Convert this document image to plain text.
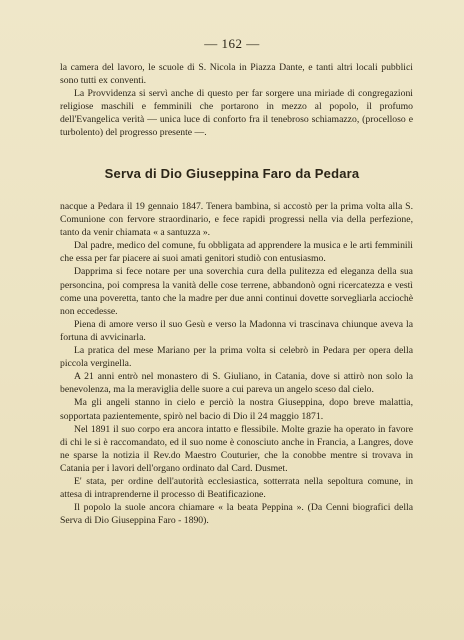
— 162 —

la camera del lavoro, le scuole di S. Nicola in Piazza Dante, e tanti altri locali pubblici sono tutti ex conventi.

La Provvidenza si servì anche di questo per far sorgere una miriade di congregazioni religiose maschili e femminili che portarono in mezzo al popolo, il profumo dell'Evangelica verità — unica luce di conforto fra il tenebroso schiamazzo, (procelloso e turbolento) del progresso presente —.

Serva di Dio Giuseppina Faro da Pedara

nacque a Pedara il 19 gennaio 1847. Tenera bambina, si accostò per la prima volta alla S. Comunione con fervore straordinario, e fece rapidi progressi nella via della perfezione, tanto da venir chiamata « a santuzza ».

Dal padre, medico del comune, fu obbligata ad apprendere la musica e le arti femminili che essa per far piacere ai suoi amati genitori studiò con entusiasmo.

Dapprima si fece notare per una soverchia cura della pulitezza ed eleganza della sua personcina, poi compresa la vanità delle cose terrene, abbandonò ogni ricercatezza e vestì come una poveretta, tanto che la madre per due anni continui dovette sorvegliarla acciochè non eccedesse.

Piena di amore verso il suo Gesù e verso la Madonna vi trascinava chiunque aveva la fortuna di avvicinarla.

La pratica del mese Mariano per la prima volta si celebrò in Pedara per opera della piccola verginella.

A 21 anni entrò nel monastero di S. Giuliano, in Catania, dove si attirò non solo la benevolenza, ma la meraviglia delle suore a cui pareva un angelo sceso dal cielo.

Ma gli angeli stanno in cielo e perciò la nostra Giuseppina, dopo breve malattia, sopportata pazientemente, spirò nel bacio di Dio il 24 maggio 1871.

Nel 1891 il suo corpo era ancora intatto e flessibile. Molte grazie ha operato in favore di chi le si è raccomandato, ed il suo nome è conosciuto anche in Francia, a Langres, dove ne sparse la notizia il Rev.do Maestro Couturier, che la conobbe mentre si trovava in Catania per i lavori dell'organo ordinato dal Card. Dusmet.

E' stata, per ordine dell'autorità ecclesiastica, sotterrata nella sepoltura comune, in attesa di intraprenderne il processo di Beatificazione.

Il popolo la suole ancora chiamare « la beata Peppina ». (Da Cenni biografici della Serva di Dio Giuseppina Faro - 1890).
